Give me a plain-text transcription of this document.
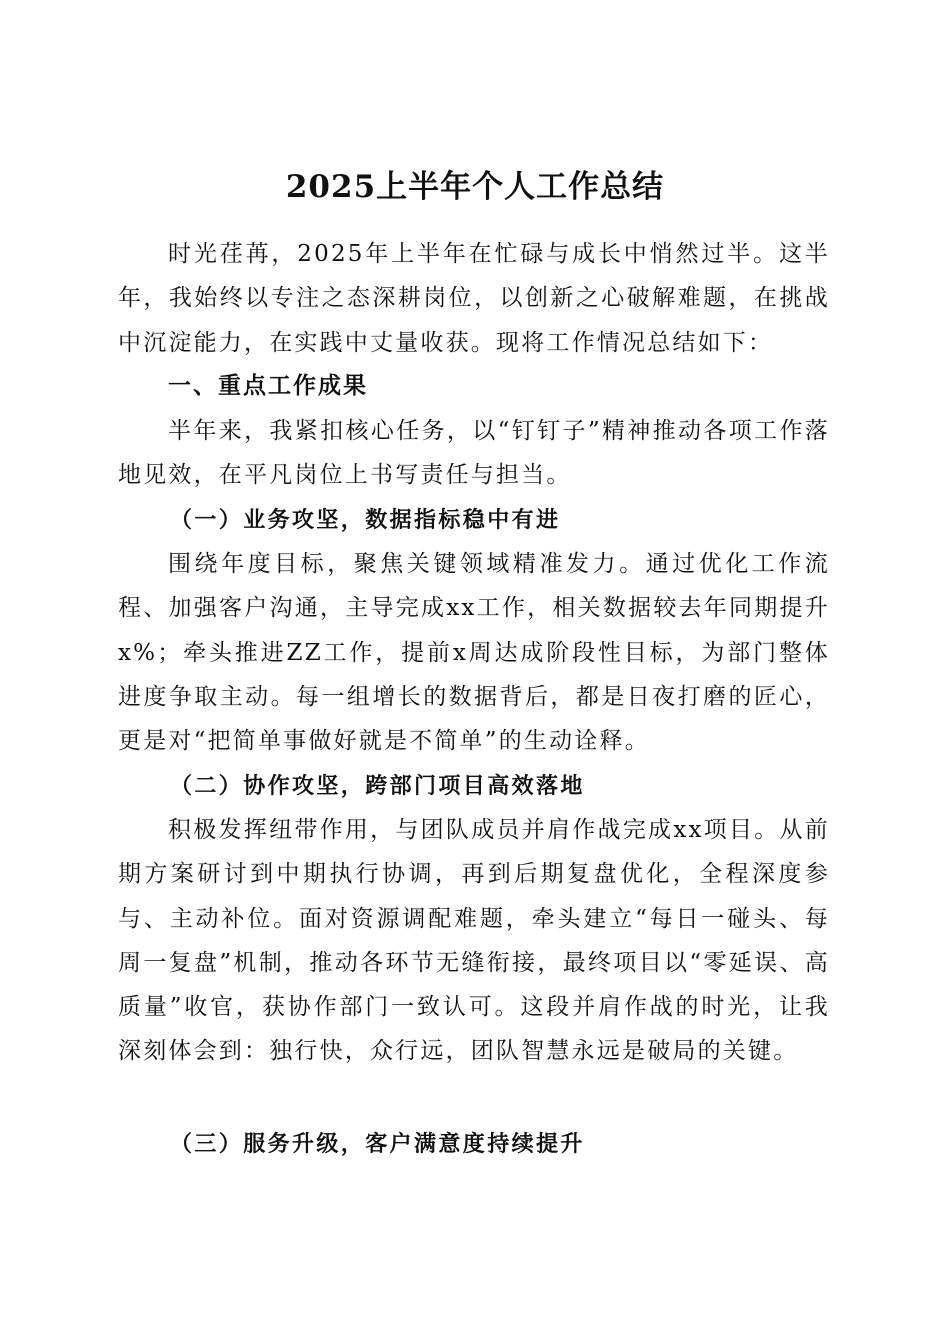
2025上半年个人工作总结

时光荏苒，2025年上半年在忙碌与成长中悄然过半。这半年，我始终以专注之态深耕岗位，以创新之心破解难题，在挑战中沉淀能力，在实践中丈量收获。现将工作情况总结如下：

一、重点工作成果

半年来，我紧扣核心任务，以“钉钉子”精神推动各项工作落地见效，在平凡岗位上书写责任与担当。

（一）业务攻坚，数据指标稳中有进

围绕年度目标，聚焦关键领域精准发力。通过优化工作流程、加强客户沟通，主导完成xx工作，相关数据较去年同期提升x%；牵头推进ZZ工作，提前x周达成阶段性目标，为部门整体进度争取主动。每一组增长的数据背后，都是日夜打磨的匠心，更是对“把简单事做好就是不简单”的生动诠释。

（二）协作攻坚，跨部门项目高效落地

积极发挥纽带作用，与团队成员并肩作战完成xx项目。从前期方案研讨到中期执行协调，再到后期复盘优化，全程深度参与、主动补位。面对资源调配难题，牵头建立“每日一碰头、每周一复盘”机制，推动各环节无缝衔接，最终项目以“零延误、高质量”收官，获协作部门一致认可。这段并肩作战的时光，让我深刻体会到：独行快，众行远，团队智慧永远是破局的关键。

（三）服务升级，客户满意度持续提升
